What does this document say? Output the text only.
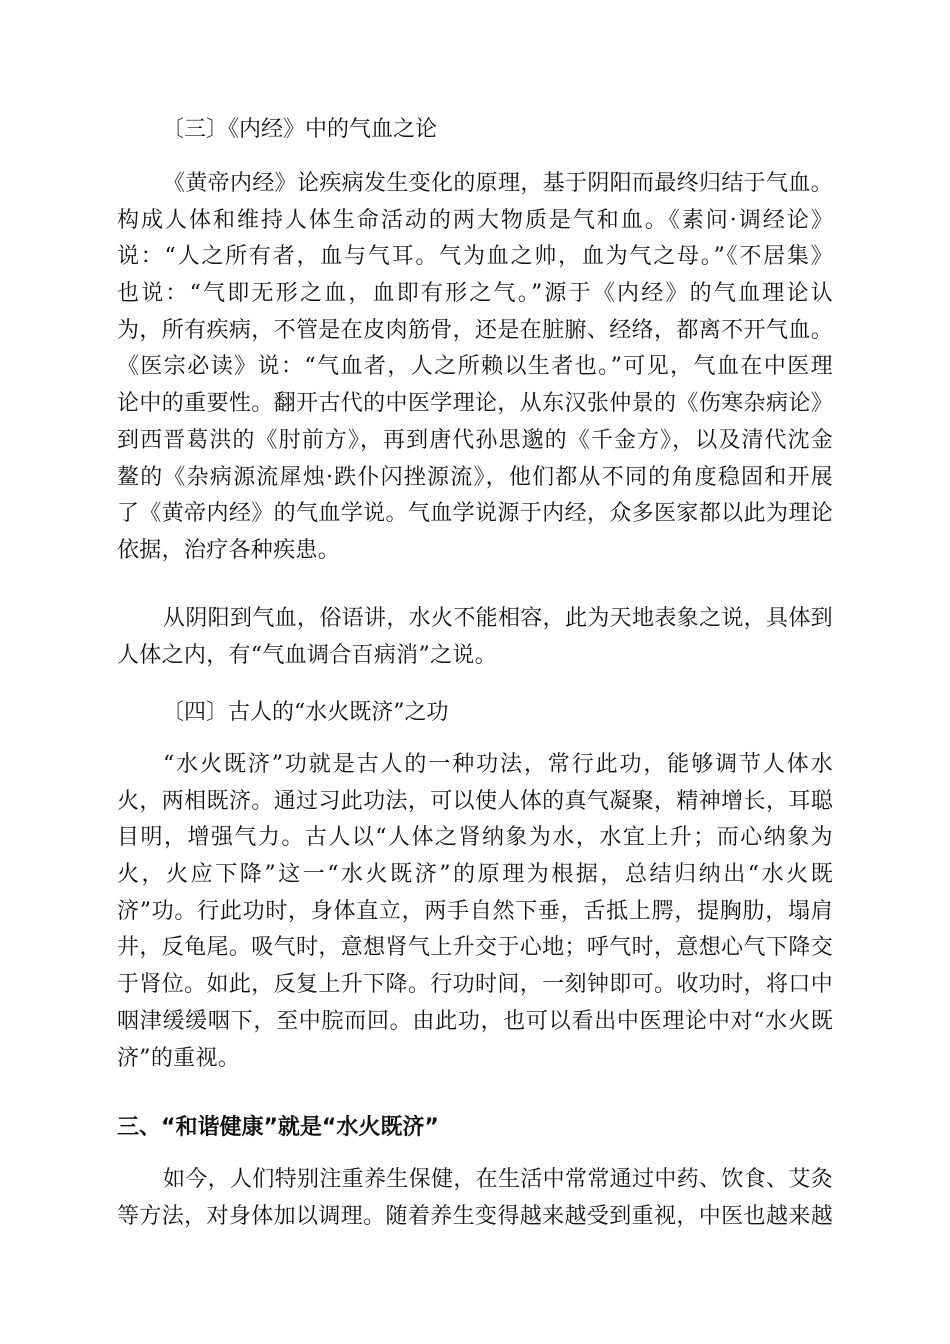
〔三〕《内经》中的气血之论
《黄帝内经》论疾病发生变化的原理，基于阴阳而最终归结于气血。
构成人体和维持人体生命活动的两大物质是气和血。《素问·调经论》
说：“人之所有者，血与气耳。气为血之帅，血为气之母。”《不居集》
也说：“气即无形之血，血即有形之气。”源于《内经》的气血理论认
为，所有疾病，不管是在皮肉筋骨，还是在脏腑、经络，都离不开气血。
《医宗必读》说：“气血者，人之所赖以生者也。”可见，气血在中医理
论中的重要性。翻开古代的中医学理论，从东汉张仲景的《伤寒杂病论》
到西晋葛洪的《肘前方》，再到唐代孙思邈的《千金方》，以及清代沈金
鳌的《杂病源流犀烛·跌仆闪挫源流》，他们都从不同的角度稳固和开展
了《黄帝内经》的气血学说。气血学说源于内经，众多医家都以此为理论
依据，治疗各种疾患。
从阴阳到气血，俗语讲，水火不能相容，此为天地表象之说，具体到
人体之内，有“气血调合百病消”之说。
〔四〕古人的“水火既济”之功
“水火既济”功就是古人的一种功法，常行此功，能够调节人体水
火，两相既济。通过习此功法，可以使人体的真气凝聚，精神增长，耳聪
目明，增强气力。古人以“人体之肾纳象为水，水宜上升；而心纳象为
火，火应下降”这一“水火既济”的原理为根据，总结归纳出“水火既
济”功。行此功时，身体直立，两手自然下垂，舌抵上腭，提胸肋，塌肩
井，反龟尾。吸气时，意想肾气上升交于心地；呼气时，意想心气下降交
于肾位。如此，反复上升下降。行功时间，一刻钟即可。收功时，将口中
咽津缓缓咽下，至中脘而回。由此功，也可以看出中医理论中对“水火既
济”的重视。
三、“和谐健康”就是“水火既济”
如今，人们特别注重养生保健，在生活中常常通过中药、饮食、艾灸
等方法，对身体加以调理。随着养生变得越来越受到重视，中医也越来越
